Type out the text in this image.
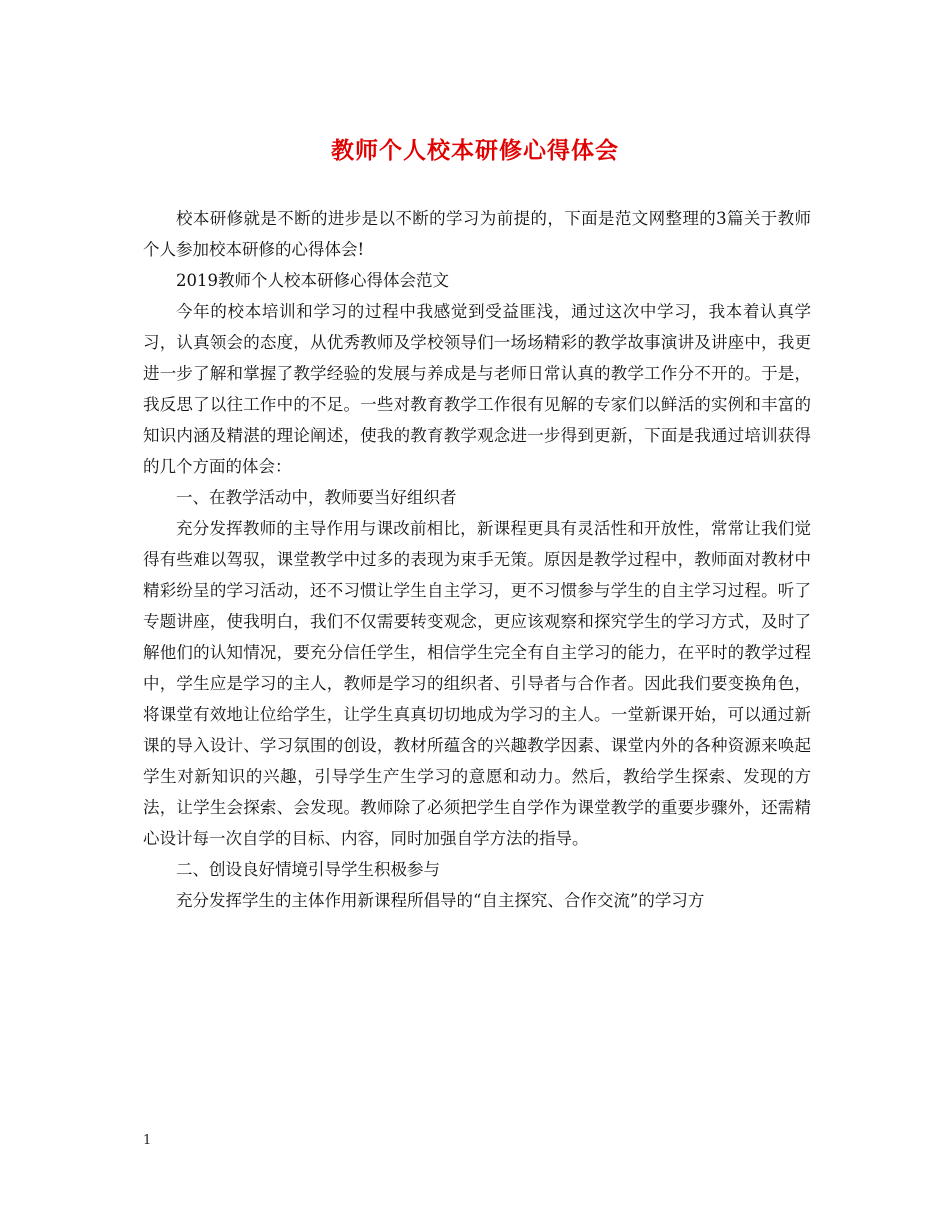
教师个人校本研修心得体会

校本研修就是不断的进步是以不断的学习为前提的，下面是范文网整理的3篇关于教师个人参加校本研修的心得体会!

2019教师个人校本研修心得体会范文

今年的校本培训和学习的过程中我感觉到受益匪浅，通过这次中学习，我本着认真学习，认真领会的态度，从优秀教师及学校领导们一场场精彩的教学故事演讲及讲座中，我更进一步了解和掌握了教学经验的发展与养成是与老师日常认真的教学工作分不开的。于是，我反思了以往工作中的不足。一些对教育教学工作很有见解的专家们以鲜活的实例和丰富的知识内涵及精湛的理论阐述，使我的教育教学观念进一步得到更新，下面是我通过培训获得的几个方面的体会：

一、在教学活动中，教师要当好组织者

充分发挥教师的主导作用与课改前相比，新课程更具有灵活性和开放性，常常让我们觉得有些难以驾驭，课堂教学中过多的表现为束手无策。原因是教学过程中，教师面对教材中精彩纷呈的学习活动，还不习惯让学生自主学习，更不习惯参与学生的自主学习过程。听了专题讲座，使我明白，我们不仅需要转变观念，更应该观察和探究学生的学习方式，及时了解他们的认知情况，要充分信任学生，相信学生完全有自主学习的能力，在平时的教学过程中，学生应是学习的主人，教师是学习的组织者、引导者与合作者。因此我们要变换角色，将课堂有效地让位给学生，让学生真真切切地成为学习的主人。一堂新课开始，可以通过新课的导入设计、学习氛围的创设，教材所蕴含的兴趣教学因素、课堂内外的各种资源来唤起学生对新知识的兴趣，引导学生产生学习的意愿和动力。然后，教给学生探索、发现的方法，让学生会探索、会发现。教师除了必须把学生自学作为课堂教学的重要步骤外，还需精心设计每一次自学的目标、内容，同时加强自学方法的指导。

二、创设良好情境引导学生积极参与

充分发挥学生的主体作用新课程所倡导的“自主探究、合作交流”的学习方

1
